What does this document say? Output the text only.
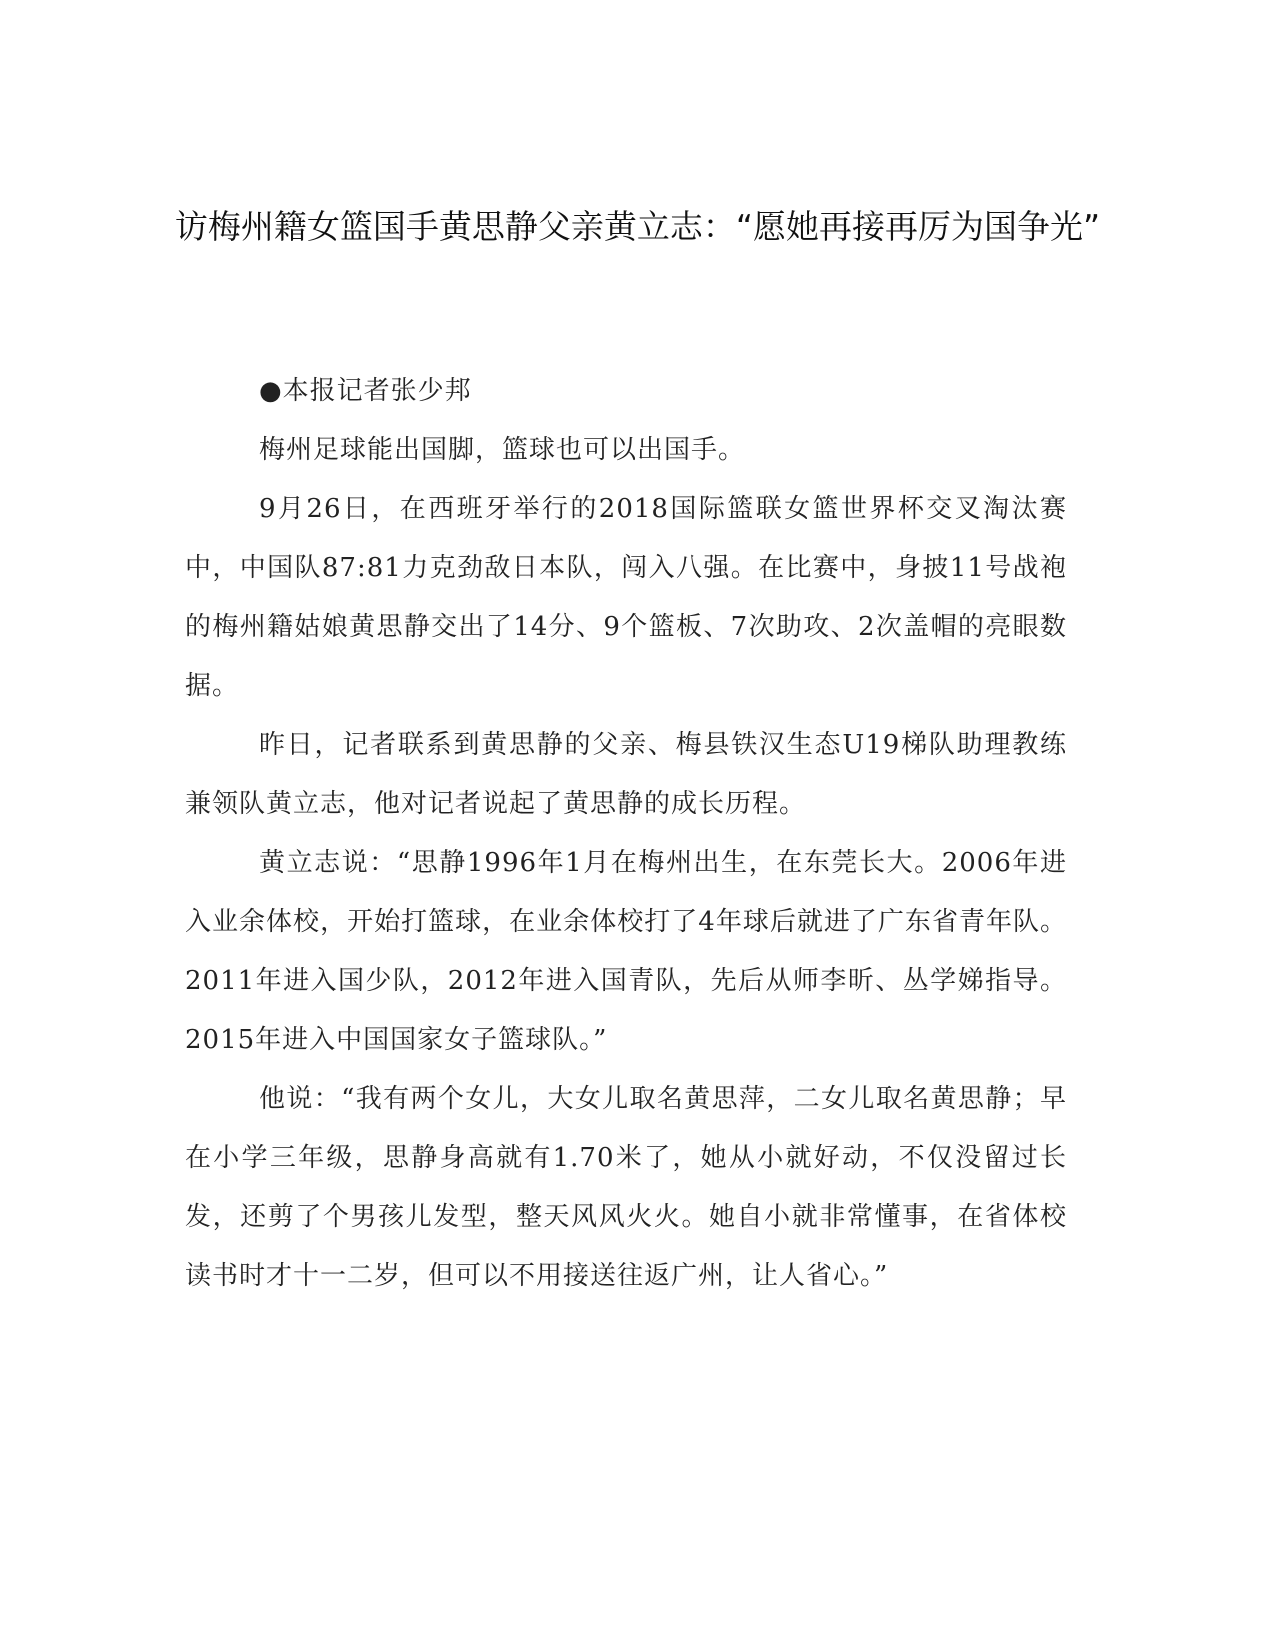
访梅州籍女篮国手黄思静父亲黄立志：“愿她再接再厉为国争光”

●本报记者张少邦

梅州足球能出国脚，篮球也可以出国手。

9月26日，在西班牙举行的2018国际篮联女篮世界杯交叉淘汰赛中，中国队87:81力克劲敌日本队，闯入八强。在比赛中，身披11号战袍的梅州籍姑娘黄思静交出了14分、9个篮板、7次助攻、2次盖帽的亮眼数据。

昨日，记者联系到黄思静的父亲、梅县铁汉生态U19梯队助理教练兼领队黄立志，他对记者说起了黄思静的成长历程。

黄立志说：“思静1996年1月在梅州出生，在东莞长大。2006年进入业余体校，开始打篮球，在业余体校打了4年球后就进了广东省青年队。2011年进入国少队，2012年进入国青队，先后从师李昕、丛学娣指导。2015年进入中国国家女子篮球队。”

他说：“我有两个女儿，大女儿取名黄思萍，二女儿取名黄思静；早在小学三年级，思静身高就有1.70米了，她从小就好动，不仅没留过长发，还剪了个男孩儿发型，整天风风火火。她自小就非常懂事，在省体校读书时才十一二岁，但可以不用接送往返广州，让人省心。”
